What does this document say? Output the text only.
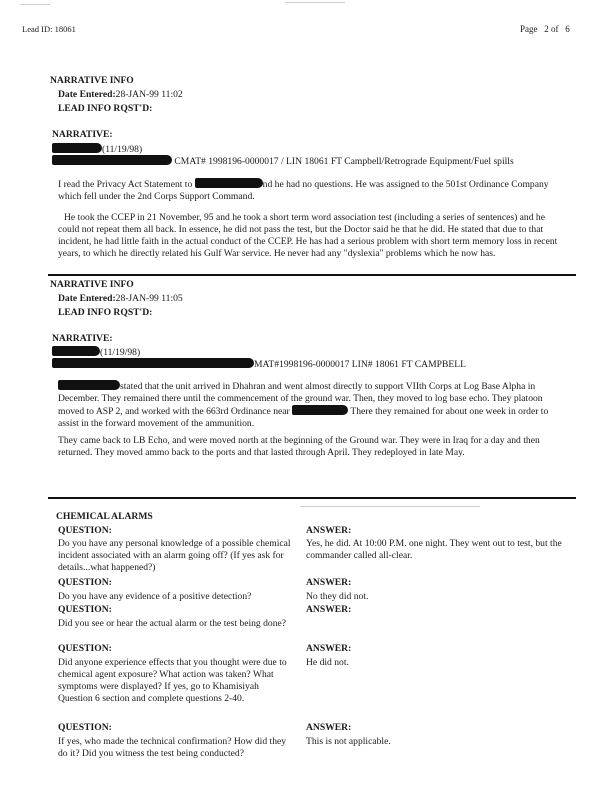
Lead ID: 18061	Page   2 of   6
NARRATIVE INFO
Date Entered:28-JAN-99 11:02
LEAD INFO RQST'D:
NARRATIVE:
(11/19/98)
CMAT# 1998196-0000017 / LIN 18061 FT Campbell/Retrograde Equipment/Fuel spills
I read the Privacy Act Statement to	nd he had no questions. He was assigned to the 501st Ordinance Company which fell under the 2nd Corps Support Command.
He took the CCEP in 21 November, 95 and he took a short term word association test (including a series of sentences) and he could not repeat them all back. In essence, he did not pass the test, but the Doctor said he that he did. He stated that due to that incident, he had little faith in the actual conduct of the CCEP. He has had a serious problem with short term memory loss in recent years, to which he directly related his Gulf War service. He never had any "dyslexia" problems which he now has.
NARRATIVE INFO
Date Entered:28-JAN-99 11:05
LEAD INFO RQST'D:
NARRATIVE:
(11/19/98)
MAT#1998196-0000017 LIN# 18061 FT CAMPBELL
stated that the unit arrived in Dhahran and went almost directly to support VIIth Corps at Log Base Alpha in December. They remained there until the commencement of the ground war. Then, they moved to log base echo. They platoon moved to ASP 2, and worked with the 663rd Ordinance near	There they remained for about one week in order to assist in the forward movement of the ammunition.
They came back to LB Echo, and were moved north at the beginning of the Ground war. They were in Iraq for a day and then returned. They moved ammo back to the ports and that lasted through April. They redeployed in late May.
CHEMICAL ALARMS
QUESTION:
Do you have any personal knowledge of a possible chemical incident associated with an alarm going off? (If yes ask for details...what happened?)
ANSWER:
Yes, he did. At 10:00 P.M. one night. They went out to test, but the commander called all-clear.
QUESTION:
Do you have any evidence of a positive detection?
ANSWER:
No they did not.
QUESTION:
Did you see or hear the actual alarm or the test being done?
ANSWER:
QUESTION:
Did anyone experience effects that you thought were due to chemical agent exposure? What action was taken? What symptoms were displayed? If yes, go to Khamisiyah Question 6 section and complete questions 2-40.
ANSWER:
He did not.
QUESTION:
If yes, who made the technical confirmation? How did they do it? Did you witness the test being conducted?
ANSWER:
This is not applicable.
